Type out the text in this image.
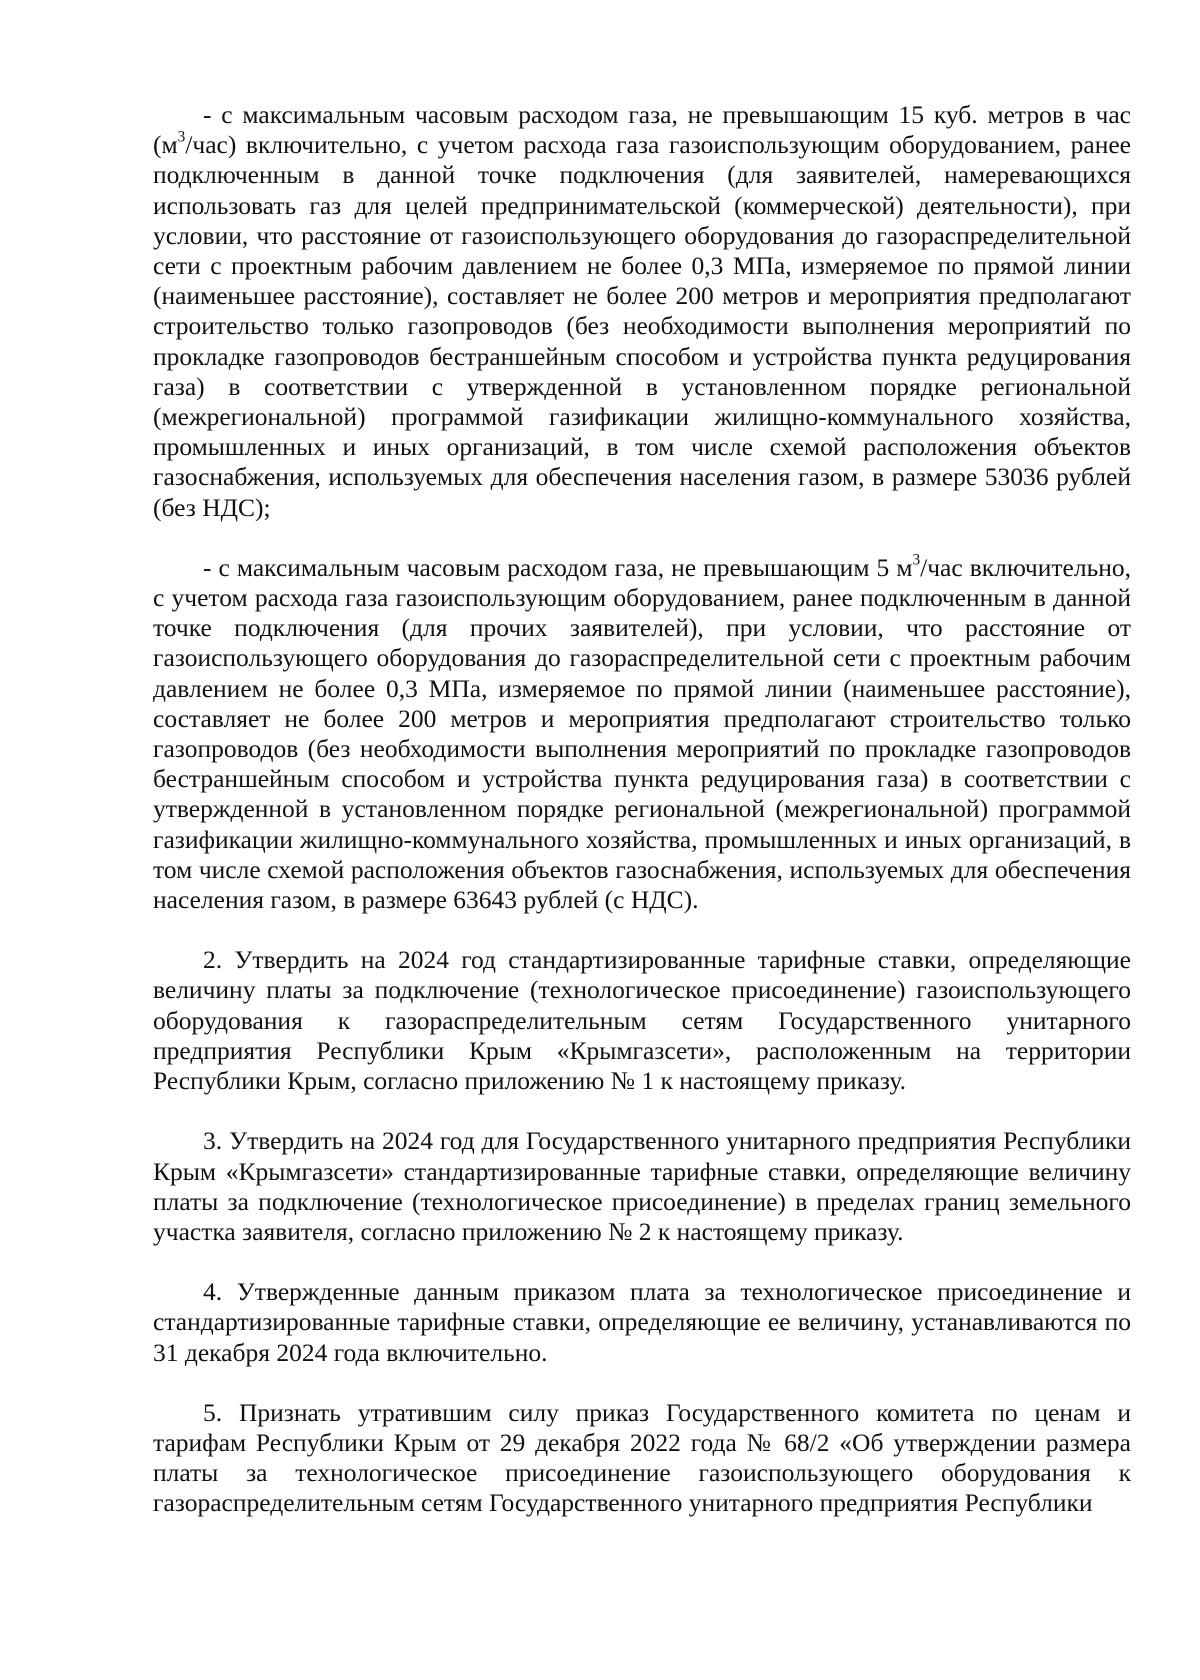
- с максимальным часовым расходом газа, не превышающим 15 куб. метров в час $(м^3/час)$ включительно, с учетом расхода газа газоиспользующим оборудованием, ранее подключенным в данной точке подключения (для заявителей, намеревающихся использовать газ для целей предпринимательской (коммерческой) деятельности), при условии, что расстояние от газоиспользующего оборудования до газораспределительной сети с проектным рабочим давлением не более 0,3 МПа, измеряемое по прямой линии (наименьшее расстояние), составляет не более 200 метров и мероприятия предполагают строительство только газопроводов (без необходимости выполнения мероприятий по прокладке газопроводов бестраншейным способом и устройства пункта редуцирования газа) в соответствии с утвержденной в установленном порядке региональной (межрегиональной) программой газификации жилищно-коммунального хозяйства, промышленных и иных организаций, в том числе схемой расположения объектов газоснабжения, используемых для обеспечения населения газом, в размере 53036 рублей (без НДС);

- с максимальным часовым расходом газа, не превышающим 5 $м^3$/час включительно, с учетом расхода газа газоиспользующим оборудованием, ранее подключенным в данной точке подключения (для прочих заявителей), при условии, что расстояние от газоиспользующего оборудования до газораспределительной сети с проектным рабочим давлением не более 0,3 МПа, измеряемое по прямой линии (наименьшее расстояние), составляет не более 200 метров и мероприятия предполагают строительство только газопроводов (без необходимости выполнения мероприятий по прокладке газопроводов бестраншейным способом и устройства пункта редуцирования газа) в соответствии с утвержденной в установленном порядке региональной (межрегиональной) программой газификации жилищно-коммунального хозяйства, промышленных и иных организаций, в том числе схемой расположения объектов газоснабжения, используемых для обеспечения населения газом, в размере 63643 рублей (с НДС).

2. Утвердить на 2024 год стандартизированные тарифные ставки, определяющие величину платы за подключение (технологическое присоединение) газоиспользующего оборудования к газораспределительным сетям Государственного унитарного предприятия Республики Крым «Крымгазсети», расположенным на территории Республики Крым, согласно приложению № 1 к настоящему приказу.

3. Утвердить на 2024 год для Государственного унитарного предприятия Республики Крым «Крымгазсети» стандартизированные тарифные ставки, определяющие величину платы за подключение (технологическое присоединение) в пределах границ земельного участка заявителя, согласно приложению № 2 к настоящему приказу.

4. Утвержденные данным приказом плата за технологическое присоединение и стандартизированные тарифные ставки, определяющие ее величину, устанавливаются по 31 декабря 2024 года включительно.

5. Признать утратившим силу приказ Государственного комитета по ценам и тарифам Республики Крым от 29 декабря 2022 года № 68/2 «Об утверждении размера платы за технологическое присоединение газоиспользующего оборудования к газораспределительным сетям Государственного унитарного предприятия Республики
